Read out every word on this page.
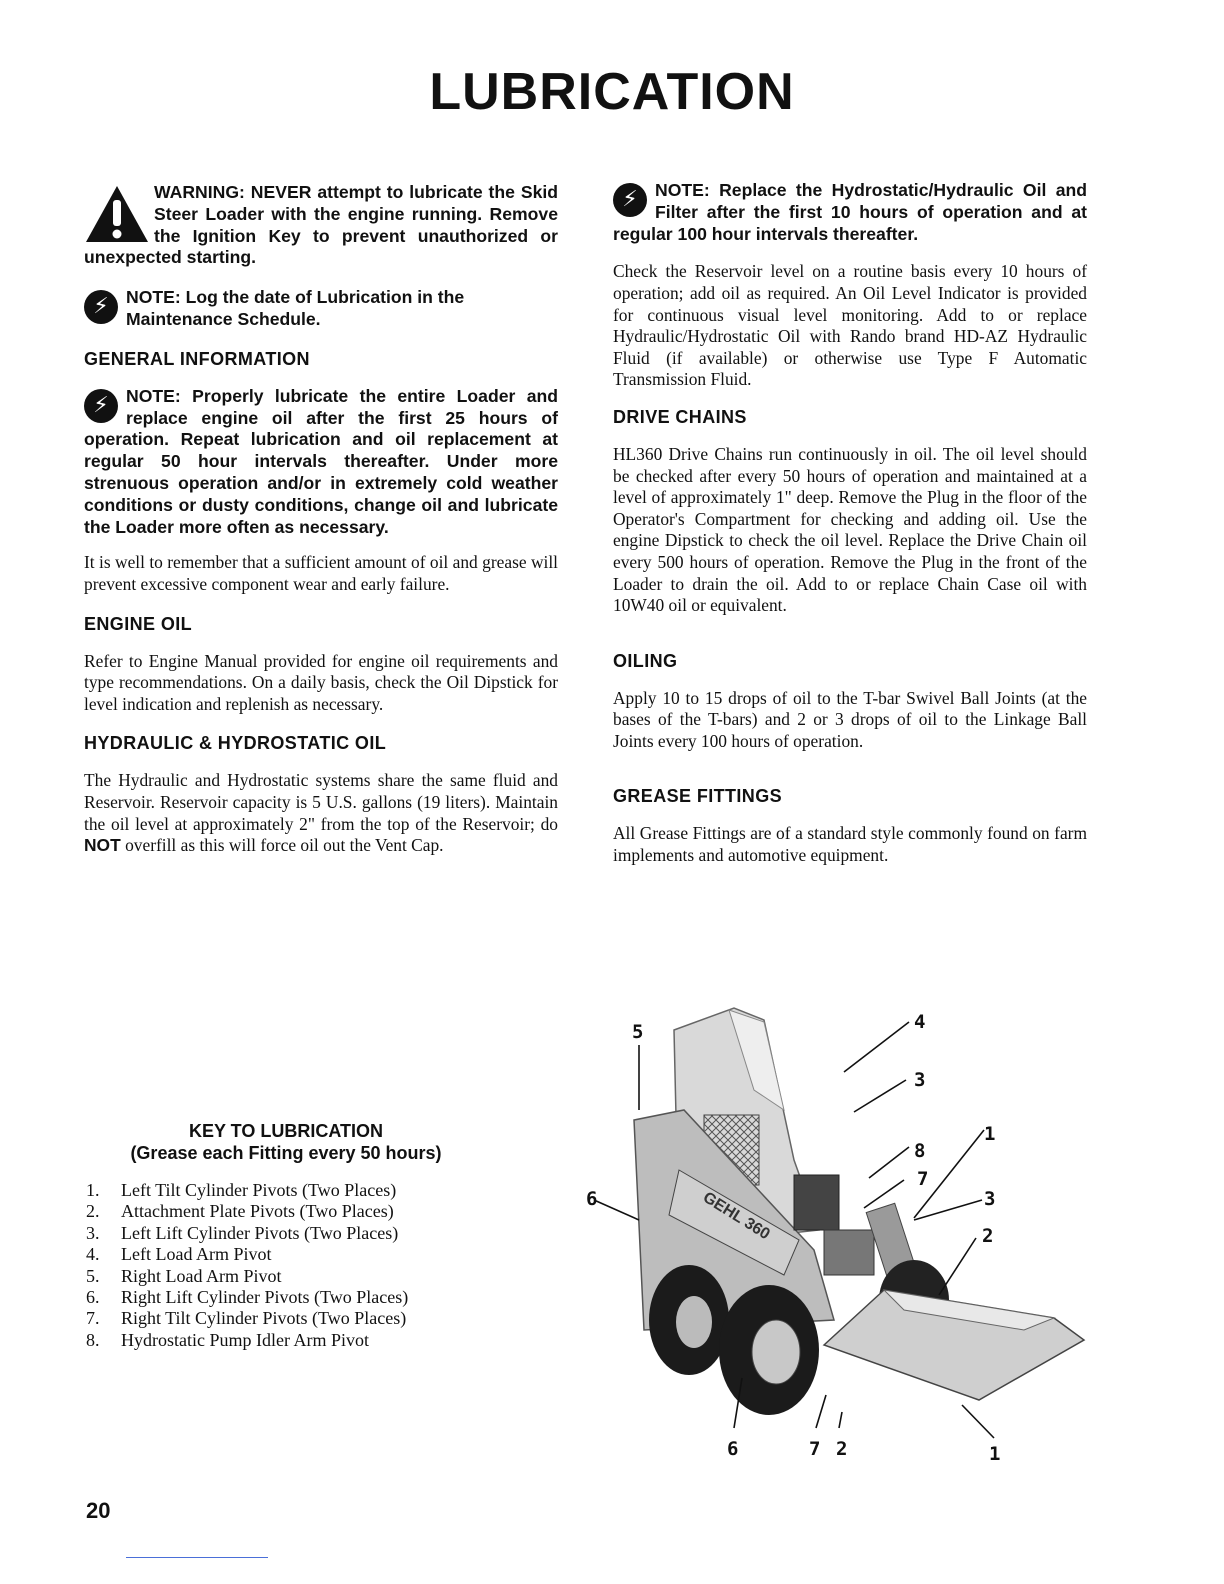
LUBRICATION

WARNING: NEVER attempt to lubricate the Skid Steer Loader with the engine running. Remove the Ignition Key to prevent unauthorized or unexpected starting.

⚡ NOTE: Log the date of Lubrication in the Maintenance Schedule.

GENERAL INFORMATION
⚡ NOTE: Properly lubricate the entire Loader and replace engine oil after the first 25 hours of operation. Repeat lubrication and oil replacement at regular 50 hour intervals thereafter. Under more strenuous operation and/or in extremely cold weather conditions or dusty conditions, change oil and lubricate the Loader more often as necessary.

It is well to remember that a sufficient amount of oil and grease will prevent excessive component wear and early failure.

ENGINE OIL

Refer to Engine Manual provided for engine oil requirements and type recommendations. On a daily basis, check the Oil Dipstick for level indication and replenish as necessary.

HYDRAULIC & HYDROSTATIC OIL

The Hydraulic and Hydrostatic systems share the same fluid and Reservoir. Reservoir capacity is 5 U.S. gallons (19 liters). Maintain the oil level at approximately 2" from the top of the Reservoir; do NOT overfill as this will force oil out the Vent Cap.

⚡ NOTE: Replace the Hydrostatic/Hydraulic Oil and Filter after the first 10 hours of operation and at regular 100 hour intervals thereafter.

Check the Reservoir level on a routine basis every 10 hours of operation; add oil as required. An Oil Level Indicator is provided for continuous visual level monitoring. Add to or replace Hydraulic/Hydrostatic Oil with Rando brand HD-AZ Hydraulic Fluid (if available) or otherwise use Type F Automatic Transmission Fluid.

DRIVE CHAINS

HL360 Drive Chains run continuously in oil. The oil level should be checked after every 50 hours of operation and maintained at a level of approximately 1" deep. Remove the Plug in the floor of the Operator's Compartment for checking and adding oil. Use the engine Dipstick to check the oil level. Replace the Drive Chain oil every 500 hours of operation. Remove the Plug in the front of the Loader to drain the oil. Add to or replace Chain Case oil with 10W40 oil or equivalent.

OILING

Apply 10 to 15 drops of oil to the T-bar Swivel Ball Joints (at the bases of the T-bars) and 2 or 3 drops of oil to the Linkage Ball Joints every 100 hours of operation.

GREASE FITTINGS

All Grease Fittings are of a standard style commonly found on farm implements and automotive equipment.

KEY TO LUBRICATION

(Grease each Fitting every 50 hours)

1.	Left Tilt Cylinder Pivots (Two Places)
2.	Attachment Plate Pivots (Two Places)
3.	Left Lift Cylinder Pivots (Two Places)
4.	Left Load Arm Pivot
5.	Right Load Arm Pivot
6.	Right Lift Cylinder Pivots (Two Places)
7.	Right Tilt Cylinder Pivots (Two Places)
8.	Hydrostatic Pump Idler Arm Pivot
GEHL 360
5	4
3
1
8
7
6	3
2
6	7 2	1
20
